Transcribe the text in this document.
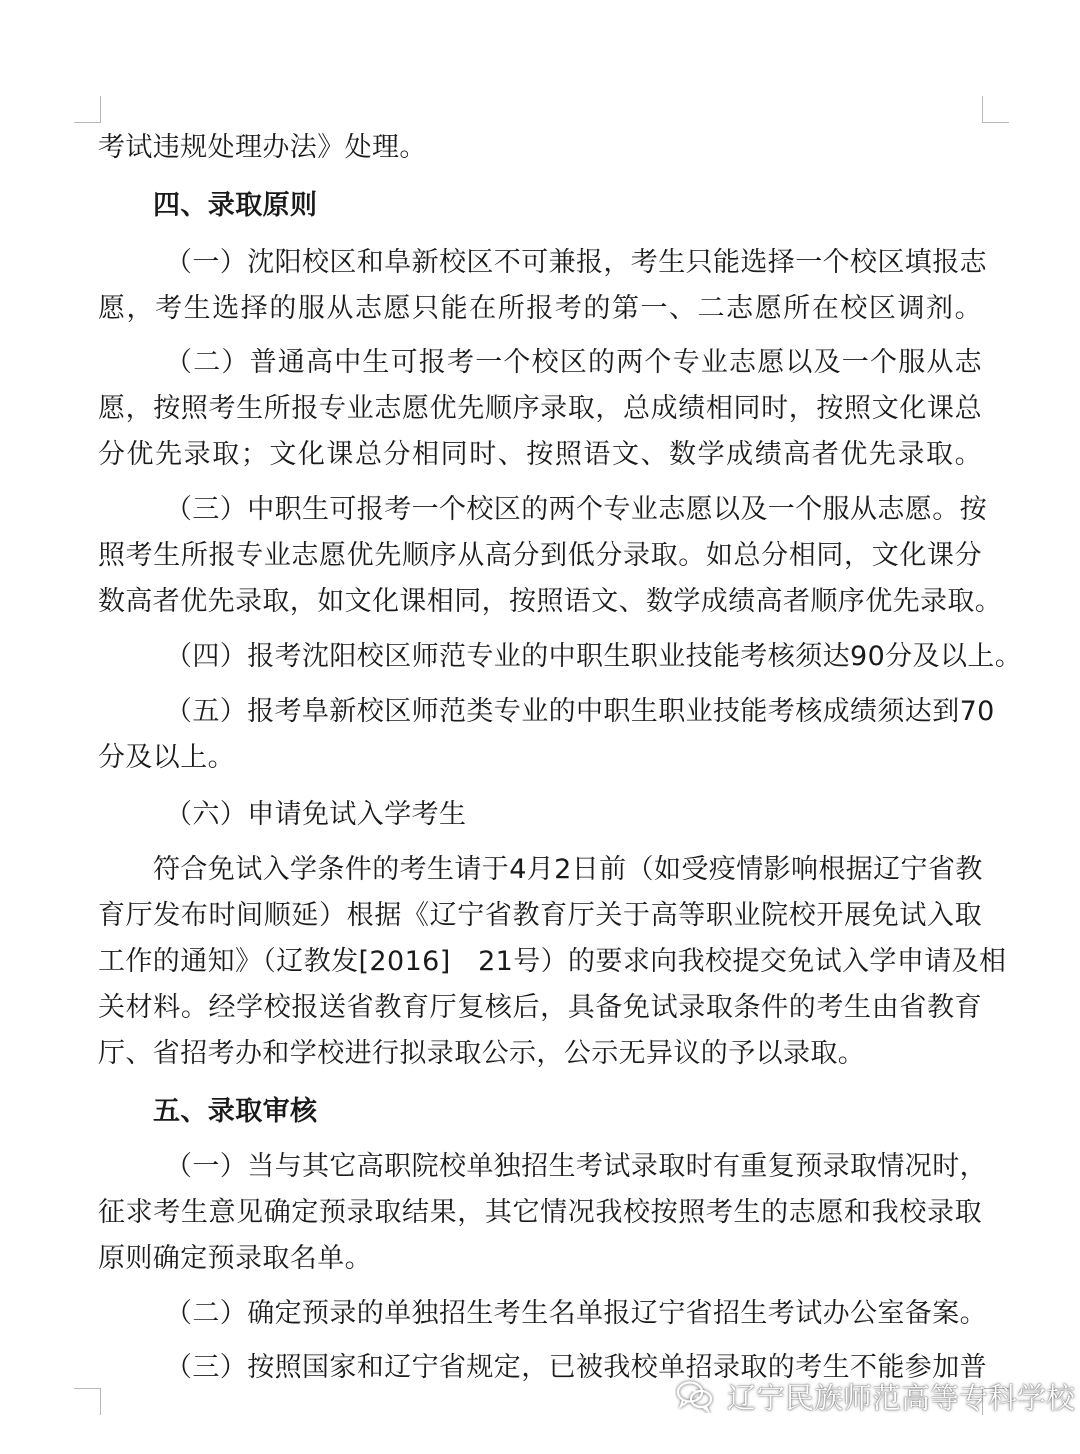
考试违规处理办法》处理。
四、录取原则
（一）沈阳校区和阜新校区不可兼报，考生只能选择一个校区填报志
愿，考生选择的服从志愿只能在所报考的第一、二志愿所在校区调剂。
（二）普通高中生可报考一个校区的两个专业志愿以及一个服从志
愿，按照考生所报专业志愿优先顺序录取，总成绩相同时，按照文化课总
分优先录取；文化课总分相同时、按照语文、数学成绩高者优先录取。
（三）中职生可报考一个校区的两个专业志愿以及一个服从志愿。按
照考生所报专业志愿优先顺序从高分到低分录取。如总分相同，文化课分
数高者优先录取，如文化课相同，按照语文、数学成绩高者顺序优先录取。
（四）报考沈阳校区师范专业的中职生职业技能考核须达90分及以上。
（五）报考阜新校区师范类专业的中职生职业技能考核成绩须达到70
分及以上。
（六）申请免试入学考生
符合免试入学条件的考生请于4月2日前（如受疫情影响根据辽宁省教
育厅发布时间顺延）根据《辽宁省教育厅关于高等职业院校开展免试入取
工作的通知》（辽教发[2016]　21号）的要求向我校提交免试入学申请及相
关材料。经学校报送省教育厅复核后，具备免试录取条件的考生由省教育
厅、省招考办和学校进行拟录取公示，公示无异议的予以录取。
五、录取审核
（一）当与其它高职院校单独招生考试录取时有重复预录取情况时，
征求考生意见确定预录取结果，其它情况我校按照考生的志愿和我校录取
原则确定预录取名单。
（二）确定预录的单独招生考生名单报辽宁省招生考试办公室备案。
（三）按照国家和辽宁省规定，已被我校单招录取的考生不能参加普
辽宁民族师范高等专科学校
